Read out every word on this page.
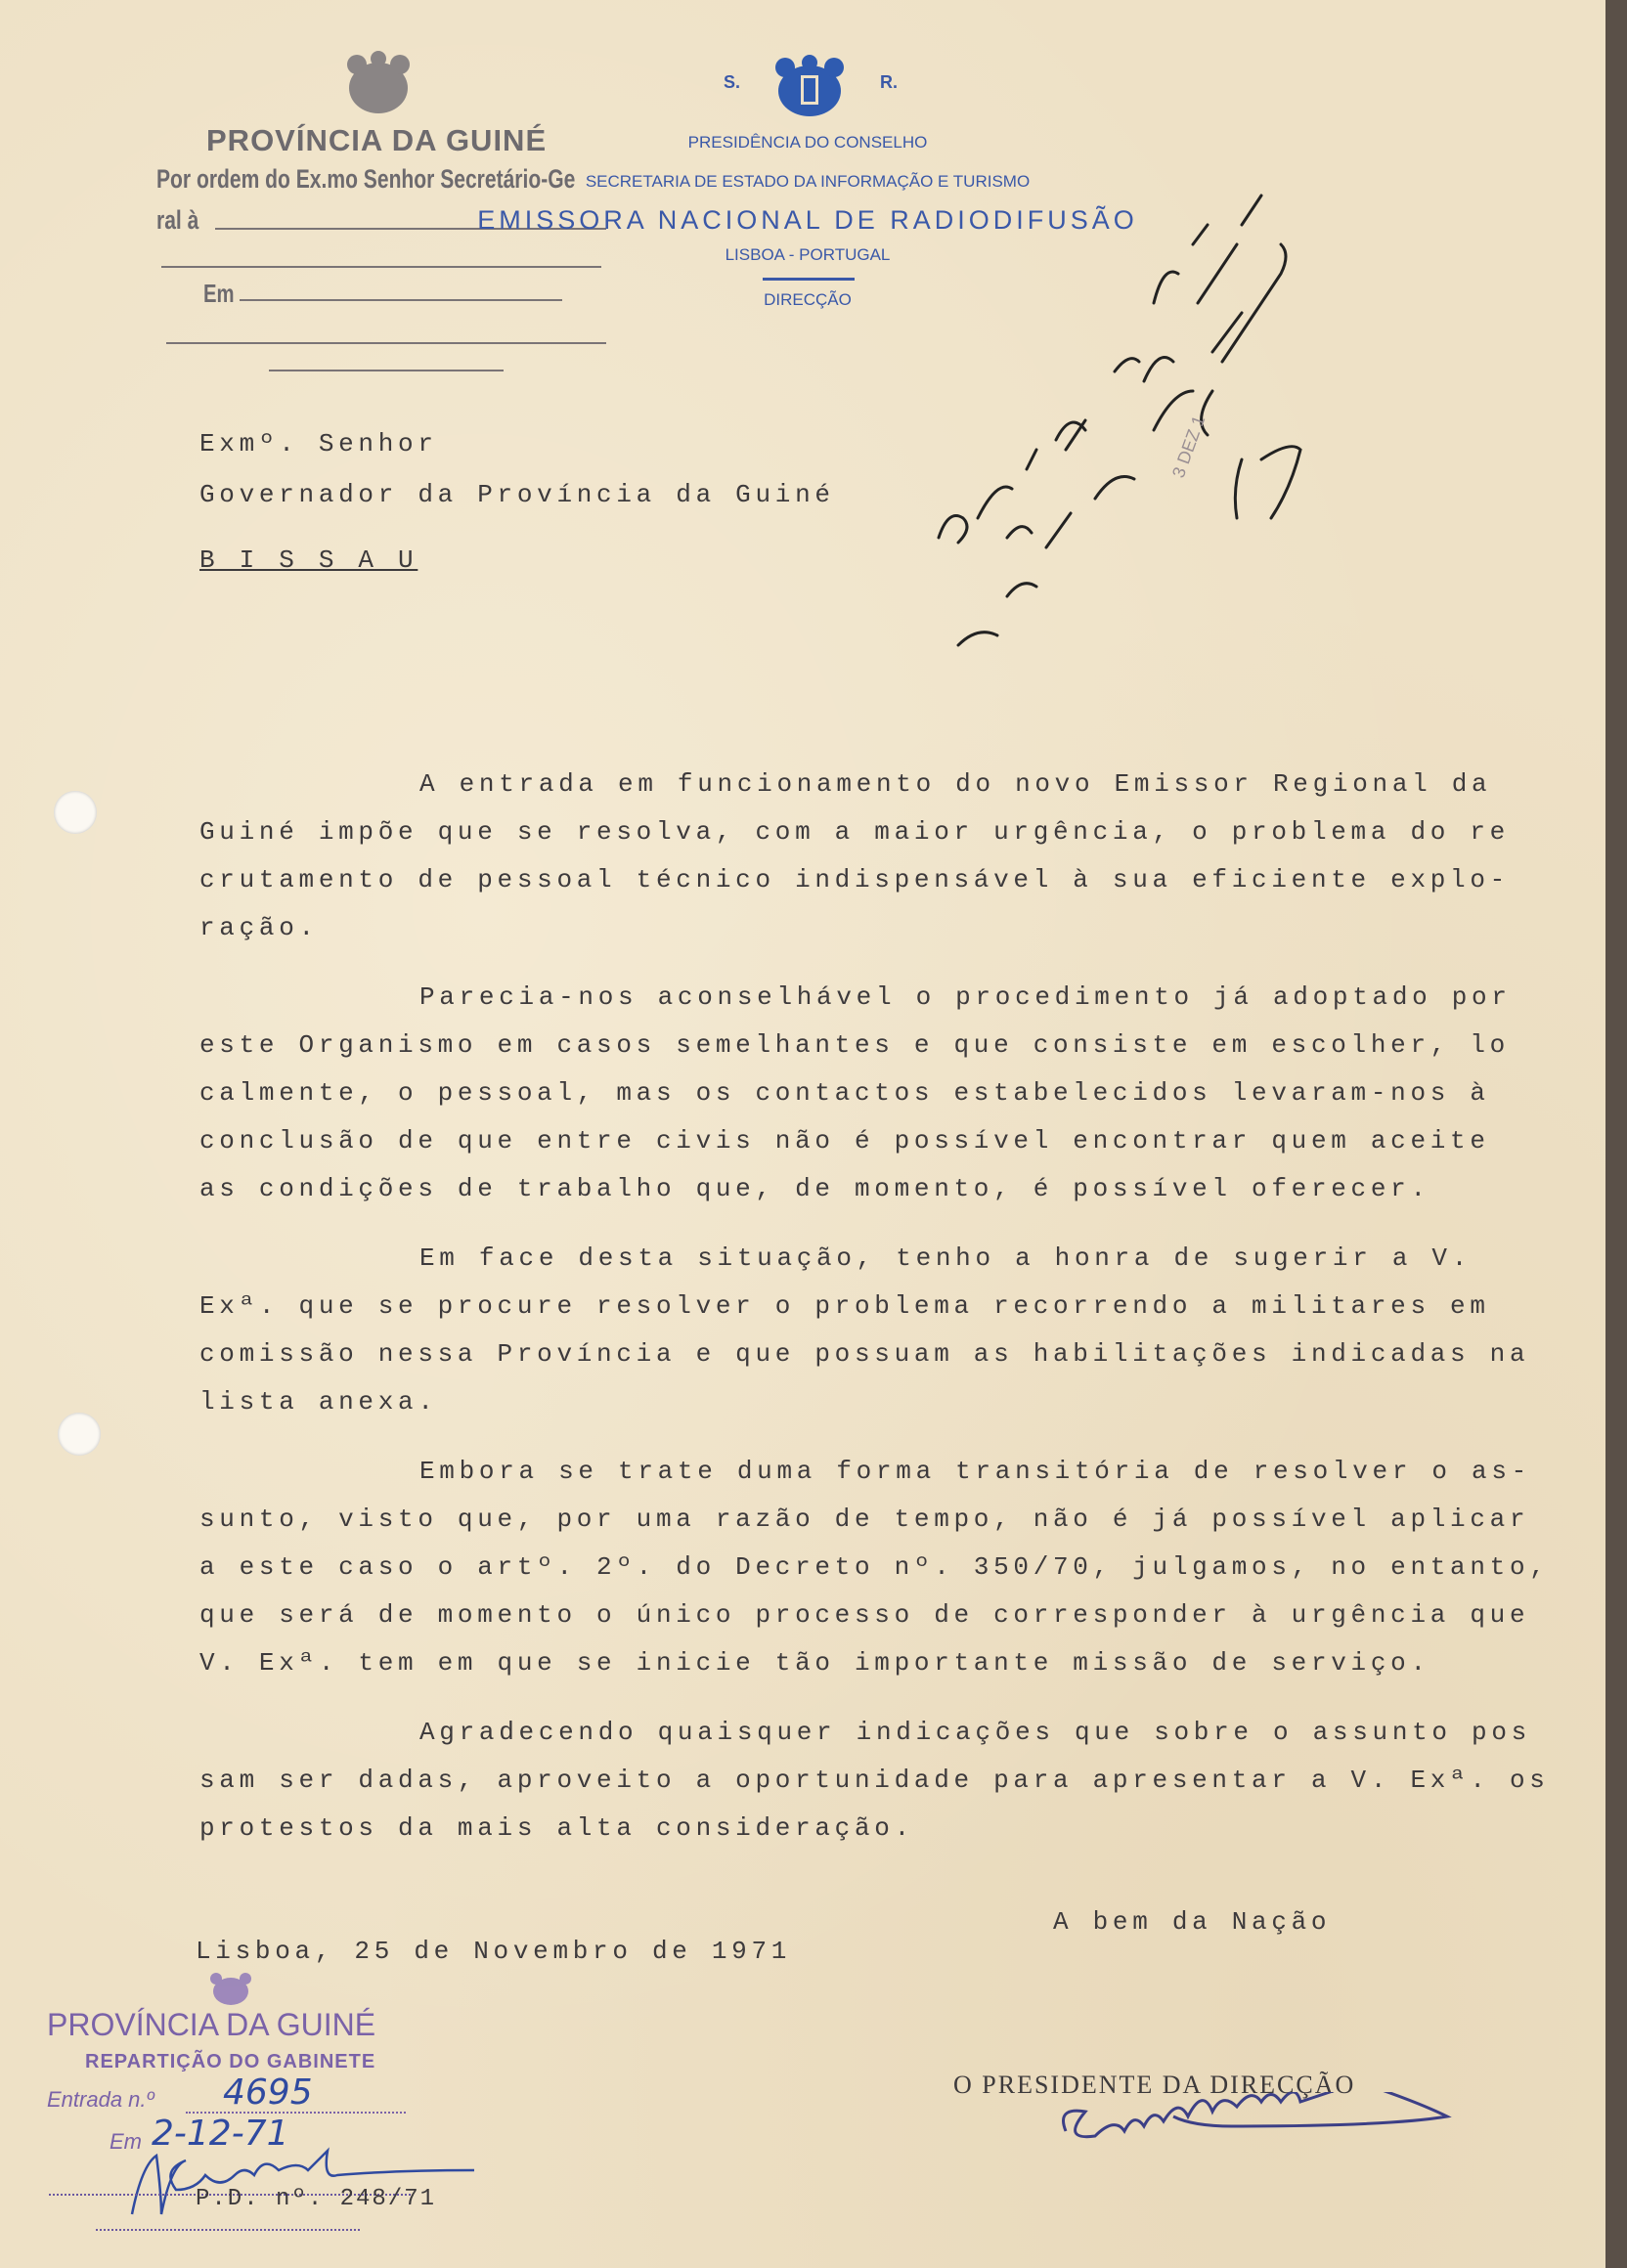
PROVÍNCIA DA GUINÉ
Por ordem do Ex.mo Senhor Secretário-Ge
ral à
Em
S.	R.
PRESIDÊNCIA DO CONSELHO
SECRETARIA DE ESTADO DA INFORMAÇÃO E TURISMO
EMISSORA NACIONAL DE RADIODIFUSÃO
LISBOA - PORTUGAL
DIRECÇÃO
3 DEZ 1
Exmº. Senhor
Governador da Província da Guiné
B I S S A U

A entrada em funcionamento do novo Emissor Regional da
Guiné impõe que se resolva, com a maior urgência, o problema do re
crutamento de pessoal técnico indispensável à sua eficiente explo-
ração.

Parecia-nos aconselhável o procedimento já adoptado por
este Organismo em casos semelhantes e que consiste em escolher, lo
calmente, o pessoal, mas os contactos estabelecidos levaram-nos à
conclusão de que entre civis não é possível encontrar quem aceite
as condições de trabalho que, de momento, é possível oferecer.

Em face desta situação, tenho a honra de sugerir a V.
Exª. que se procure resolver o problema recorrendo a militares em
comissão nessa Província e que possuam as habilitações indicadas na
lista anexa.

Embora se trate duma forma transitória de resolver o as-
sunto, visto que, por uma razão de tempo, não é já possível aplicar
a este caso o artº. 2º. do Decreto nº. 350/70, julgamos, no entanto,
que será de momento o único processo de corresponder à urgência que
V. Exª. tem em que se inicie tão importante missão de serviço.

Agradecendo quaisquer indicações que sobre o assunto pos
sam ser dadas, aproveito a oportunidade para apresentar a V. Exª. os
protestos da mais alta consideração.

A bem da Nação
Lisboa, 25 de Novembro de 1971
O PRESIDENTE DA DIRECÇÃO
PROVÍNCIA DA GUINÉ
REPARTIÇÃO DO GABINETE
Entrada n.º 4695
Em 2-12-71
P.D. nº. 248/71
